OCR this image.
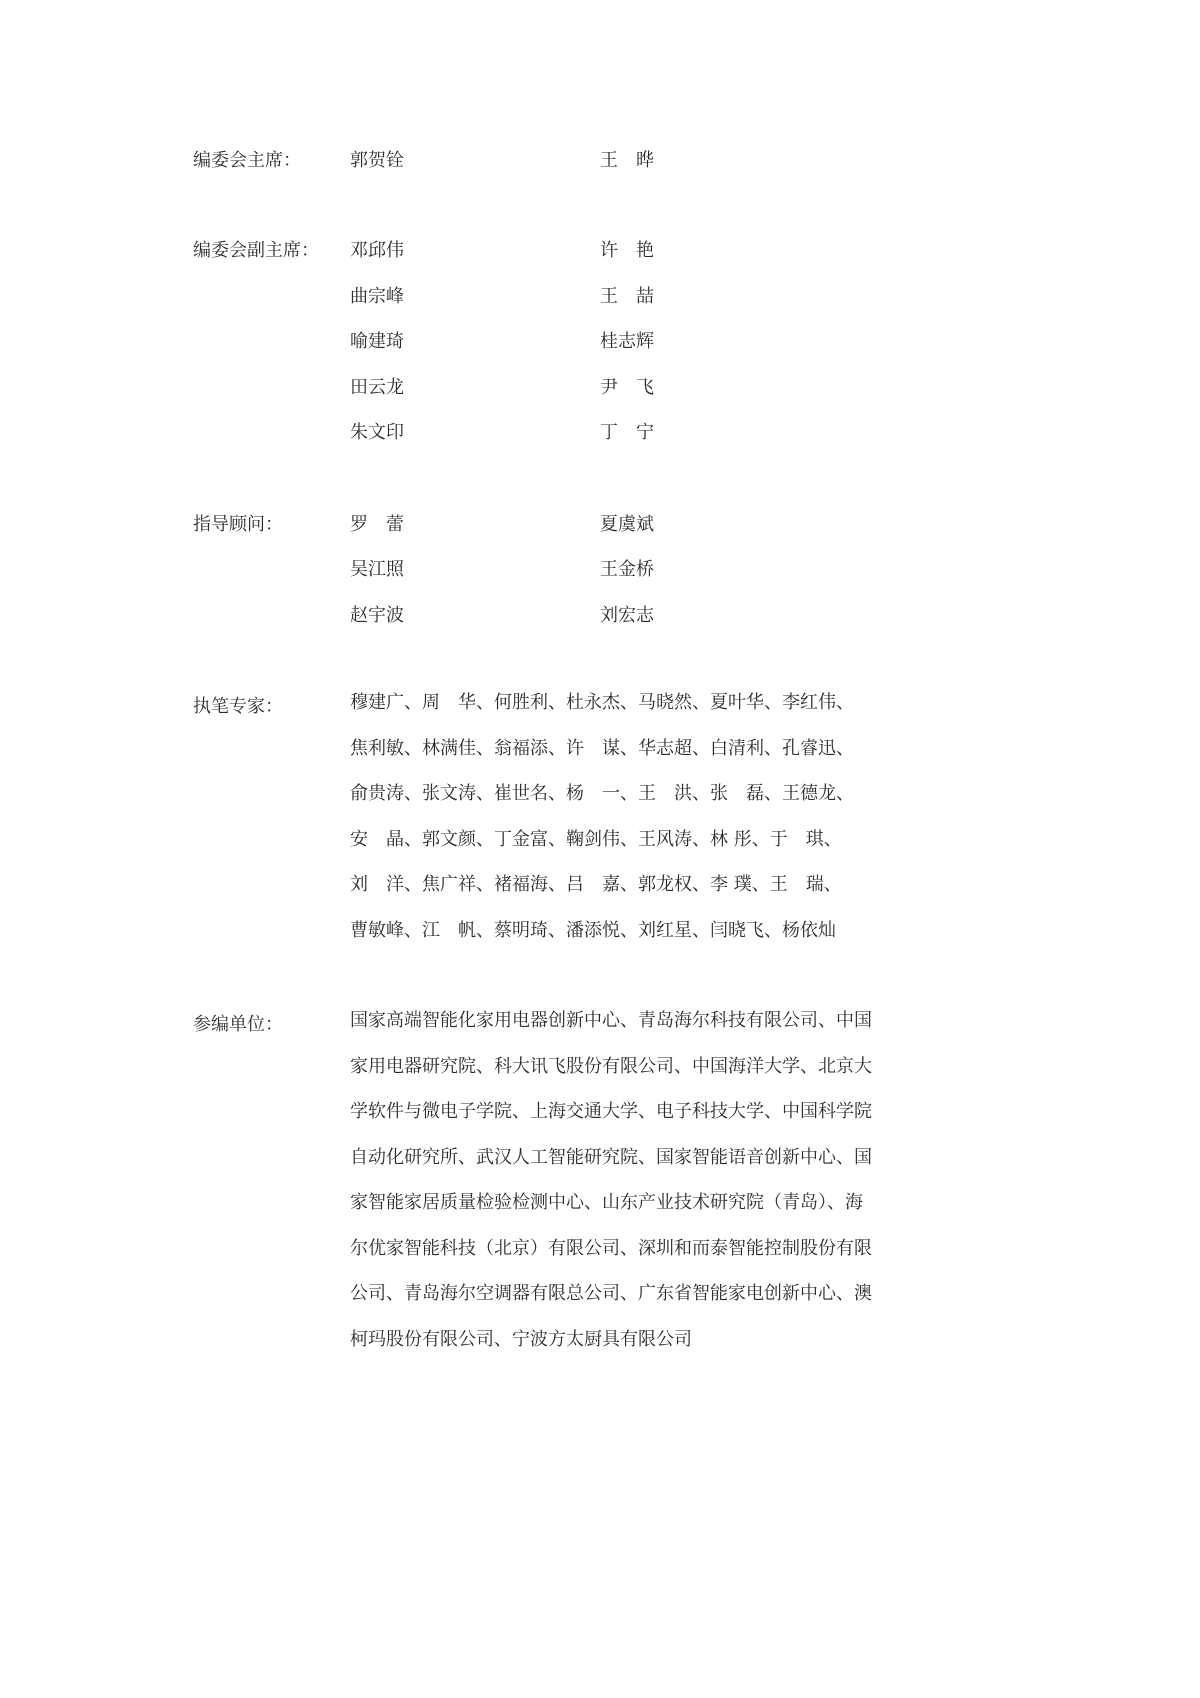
编委会主席：	郭贺铨	王　晔
编委会副主席： 邓邱伟	许　艳
曲宗峰	王　喆
喻建琦	桂志辉
田云龙	尹　飞
朱文印	丁　宁
指导顾问：	罗　蕾	夏虞斌
吴江照	王金桥
赵宇波	刘宏志
执笔专家：	穆建广、周　华、何胜利、杜永杰、马晓然、夏叶华、李红伟、
焦利敏、林满佳、翁福添、许　谋、华志超、白清利、孔睿迅、
俞贵涛、张文涛、崔世名、杨　一、王　洪、张　磊、王德龙、
安　晶、郭文颜、丁金富、鞠剑伟、王风涛、林 彤、于　琪、
刘　洋、焦广祥、褚福海、吕　嘉、郭龙权、李 璞、王　瑞、
曹敏峰、江　帆、蔡明琦、潘添悦、刘红星、闫晓飞、杨依灿
参编单位：	国家高端智能化家用电器创新中心、青岛海尔科技有限公司、中国
家用电器研究院、科大讯飞股份有限公司、中国海洋大学、北京大
学软件与微电子学院、上海交通大学、电子科技大学、中国科学院
自动化研究所、武汉人工智能研究院、国家智能语音创新中心、国
家智能家居质量检验检测中心、山东产业技术研究院（青岛）、海
尔优家智能科技（北京）有限公司、深圳和而泰智能控制股份有限
公司、青岛海尔空调器有限总公司、广东省智能家电创新中心、澳
柯玛股份有限公司、宁波方太厨具有限公司
